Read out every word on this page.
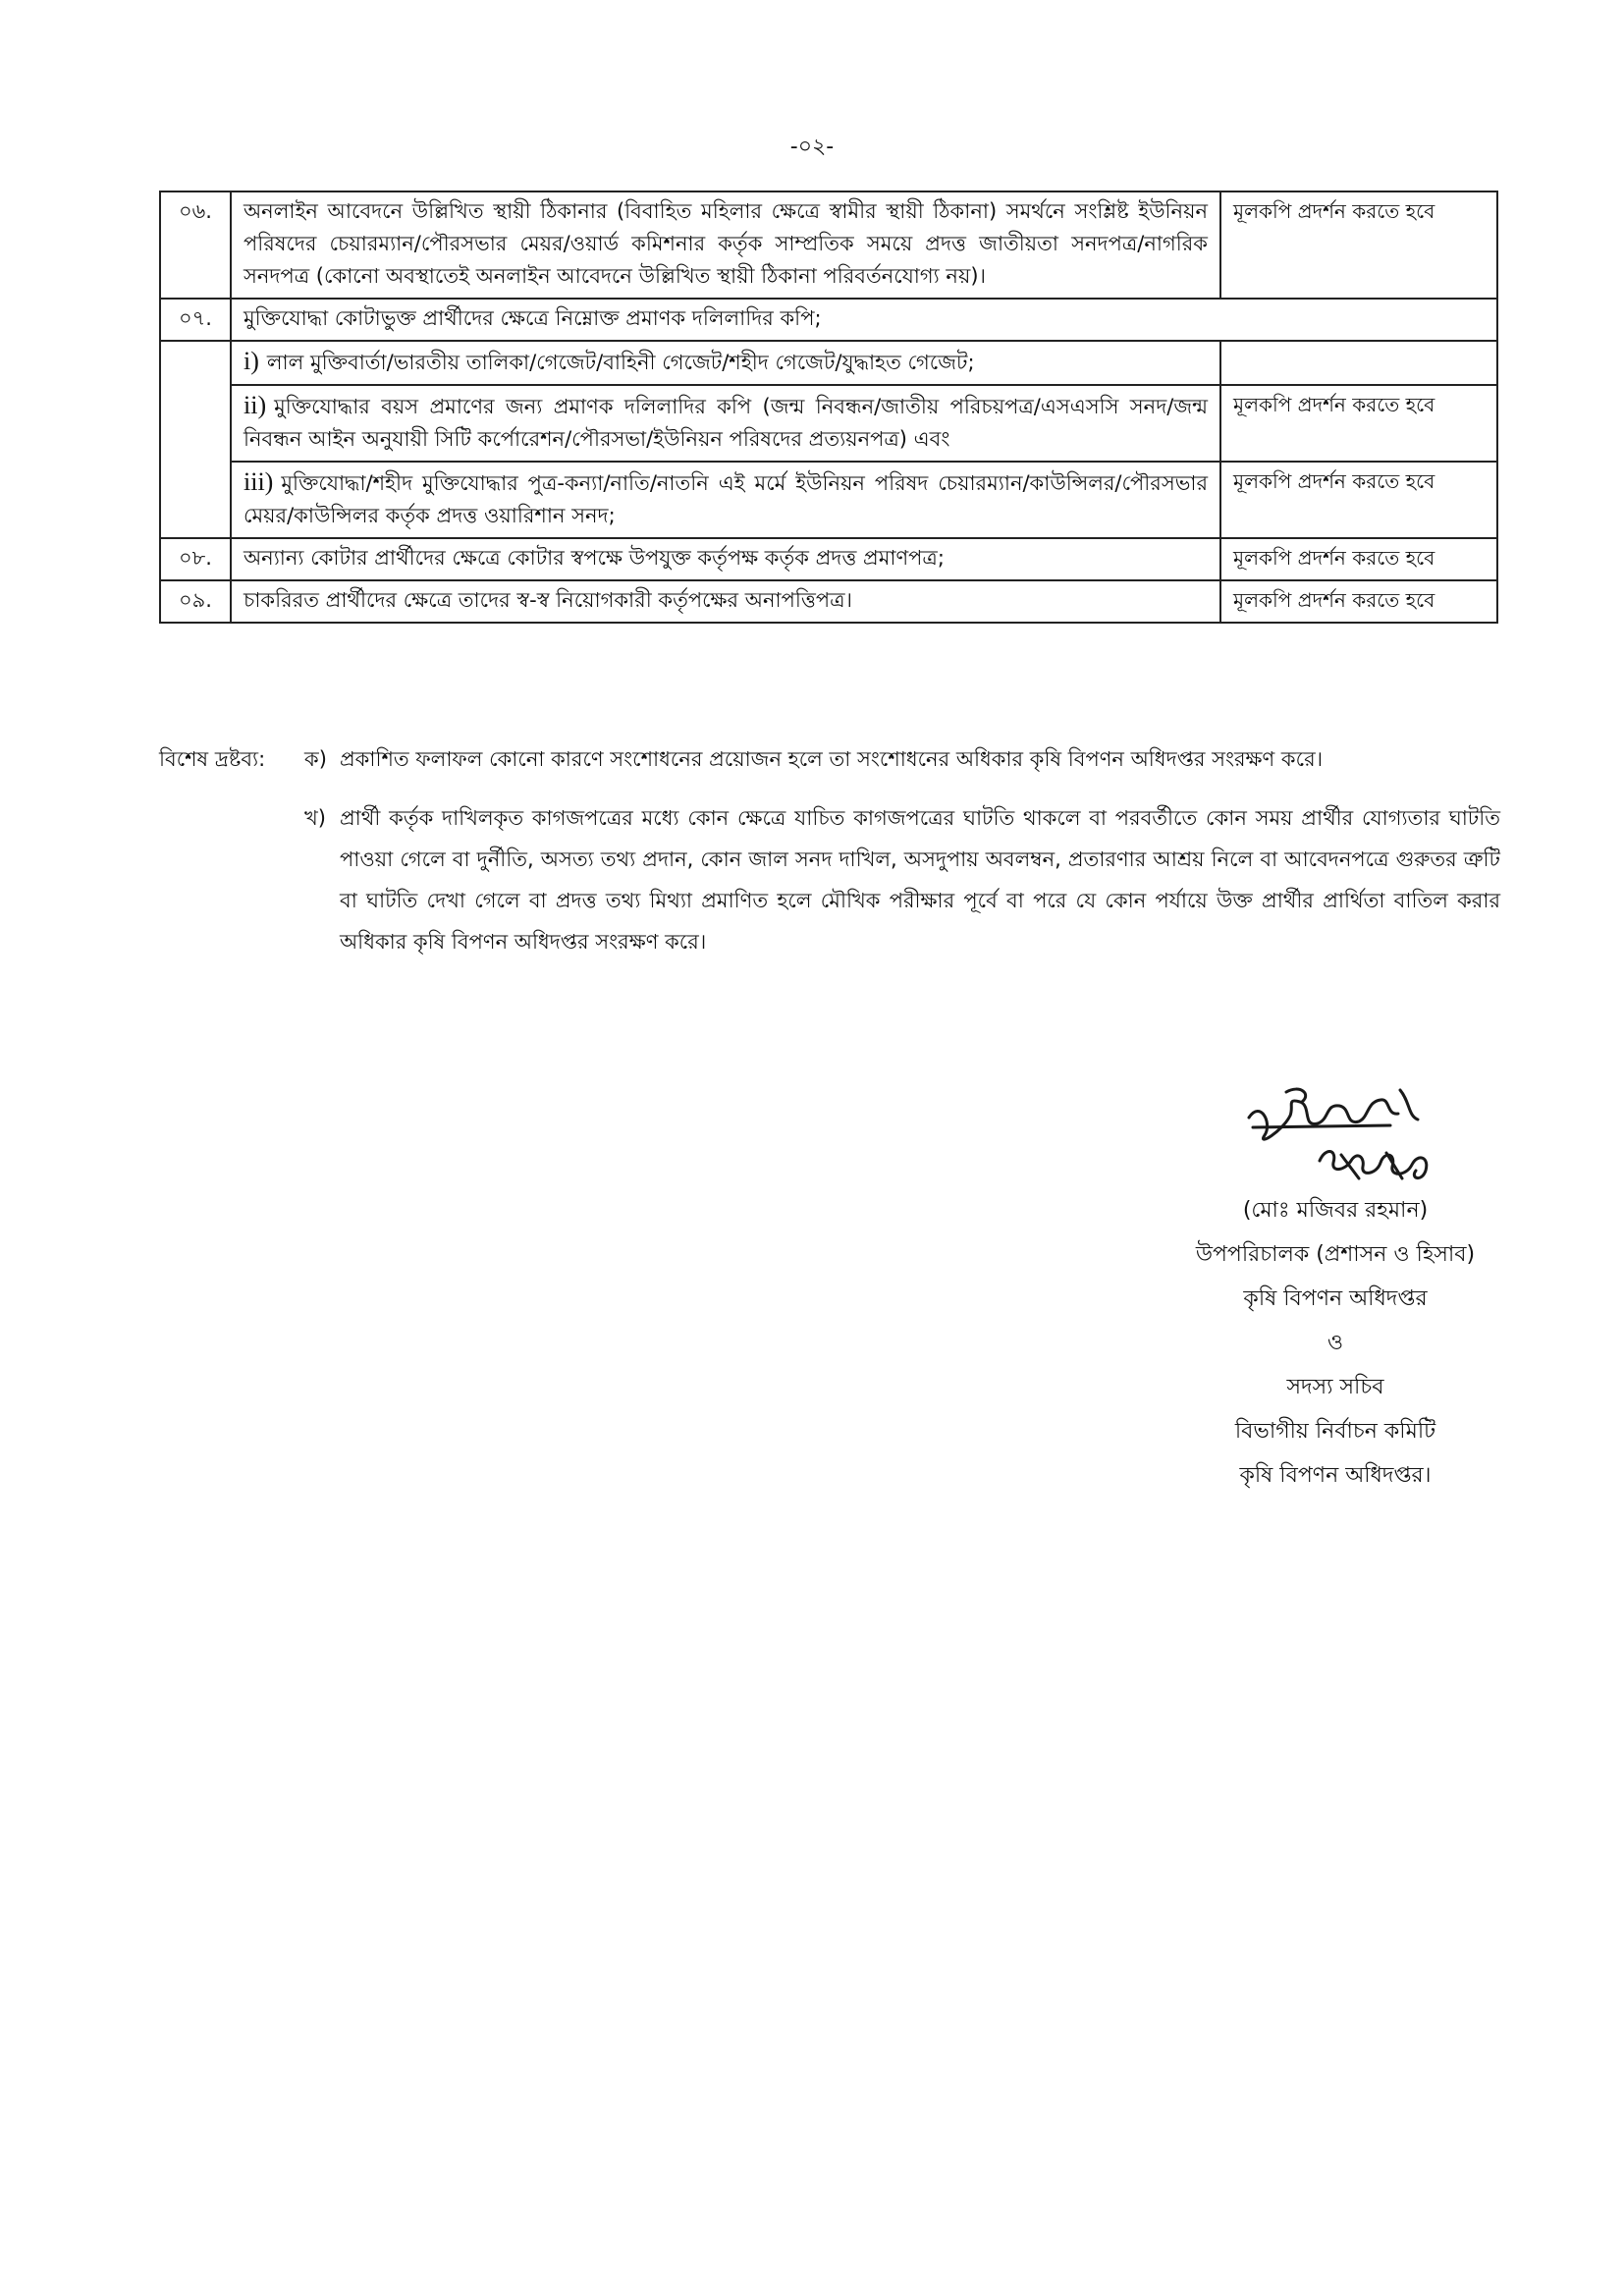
-০২-
০৬.	অনলাইন আবেদনে উল্লিখিত স্থায়ী ঠিকানার (বিবাহিত মহিলার ক্ষেত্রে স্বামীর স্থায়ী ঠিকানা) সমর্থনে সংশ্লিষ্ট ইউনিয়ন পরিষদের চেয়ারম্যান/পৌরসভার মেয়র/ওয়ার্ড কমিশনার কর্তৃক সাম্প্রতিক সময়ে প্রদত্ত জাতীয়তা সনদপত্র/নাগরিক সনদপত্র (কোনো অবস্থাতেই অনলাইন আবেদনে উল্লিখিত স্থায়ী ঠিকানা পরিবর্তনযোগ্য নয়)।	মূলকপি প্রদর্শন করতে হবে
০৭.	মুক্তিযোদ্ধা কোটাভুক্ত প্রার্থীদের ক্ষেত্রে নিম্নোক্ত প্রমাণক দলিলাদির কপি;	
	i) লাল মুক্তিবার্তা/ভারতীয় তালিকা/গেজেট/বাহিনী গেজেট/শহীদ গেজেট/যুদ্ধাহত গেজেট;	
	ii) মুক্তিযোদ্ধার বয়স প্রমাণের জন্য প্রমাণক দলিলাদির কপি (জন্ম নিবন্ধন/জাতীয় পরিচয়পত্র/এসএসসি সনদ/জন্ম নিবন্ধন আইন অনুযায়ী সিটি কর্পোরেশন/পৌরসভা/ইউনিয়ন পরিষদের প্রত্যয়নপত্র) এবং	মূলকপি প্রদর্শন করতে হবে
	iii) মুক্তিযোদ্ধা/শহীদ মুক্তিযোদ্ধার পুত্র-কন্যা/নাতি/নাতনি এই মর্মে ইউনিয়ন পরিষদ চেয়ারম্যান/কাউন্সিলর/পৌরসভার মেয়র/কাউন্সিলর কর্তৃক প্রদত্ত ওয়ারিশান সনদ;	মূলকপি প্রদর্শন করতে হবে
০৮.	অন্যান্য কোটার প্রার্থীদের ক্ষেত্রে কোটার স্বপক্ষে উপযুক্ত কর্তৃপক্ষ কর্তৃক প্রদত্ত প্রমাণপত্র;	মূলকপি প্রদর্শন করতে হবে
০৯.	চাকরিরত প্রার্থীদের ক্ষেত্রে তাদের স্ব-স্ব নিয়োগকারী কর্তৃপক্ষের অনাপত্তিপত্র।	মূলকপি প্রদর্শন করতে হবে
বিশেষ দ্রষ্টব্য:	ক) প্রকাশিত ফলাফল কোনো কারণে সংশোধনের প্রয়োজন হলে তা সংশোধনের অধিকার কৃষি বিপণন অধিদপ্তর সংরক্ষণ করে।
খ) প্রার্থী কর্তৃক দাখিলকৃত কাগজপত্রের মধ্যে কোন ক্ষেত্রে যাচিত কাগজপত্রের ঘাটতি থাকলে বা পরবর্তীতে কোন সময় প্রার্থীর যোগ্যতার ঘাটতি পাওয়া গেলে বা দুর্নীতি, অসত্য তথ্য প্রদান, কোন জাল সনদ দাখিল, অসদুপায় অবলম্বন, প্রতারণার আশ্রয় নিলে বা আবেদনপত্রে গুরুতর ত্রুটি বা ঘাটতি দেখা গেলে বা প্রদত্ত তথ্য মিথ্যা প্রমাণিত হলে মৌখিক পরীক্ষার পূর্বে বা পরে যে কোন পর্যায়ে উক্ত প্রার্থীর প্রার্থিতা বাতিল করার অধিকার কৃষি বিপণন অধিদপ্তর সংরক্ষণ করে।
(মোঃ মজিবর রহমান)
উপপরিচালক (প্রশাসন ও হিসাব)
কৃষি বিপণন অধিদপ্তর
ও
সদস্য সচিব
বিভাগীয় নির্বাচন কমিটি
কৃষি বিপণন অধিদপ্তর।
